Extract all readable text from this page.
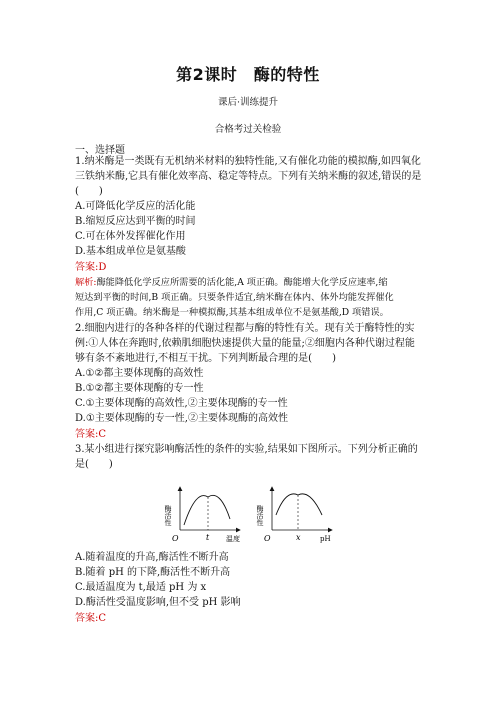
第2课时　酶的特性
课后·训练提升
合格考过关检验
一、选择题
1.纳米酶是一类既有无机纳米材料的独特性能,又有催化功能的模拟酶,如四氧化
三铁纳米酶,它具有催化效率高、稳定等特点。下列有关纳米酶的叙述,错误的是
(　　)
A.可降低化学反应的活化能
B.缩短反应达到平衡的时间
C.可在体外发挥催化作用
D.基本组成单位是氨基酸
答案:D
解析:酶能降低化学反应所需要的活化能,A 项正确。酶能增大化学反应速率,缩
短达到平衡的时间,B 项正确。只要条件适宜,纳米酶在体内、体外均能发挥催化
作用,C 项正确。纳米酶是一种模拟酶,其基本组成单位不是氨基酸,D 项错误。
2.细胞内进行的各种各样的代谢过程都与酶的特性有关。现有关于酶特性的实
例:①人体在奔跑时,依赖肌细胞快速提供大量的能量;②细胞内各种代谢过程能
够有条不紊地进行,不相互干扰。下列判断最合理的是(　　)
A.①②都主要体现酶的高效性
B.①②都主要体现酶的专一性
C.①主要体现酶的高效性,②主要体现酶的专一性
D.①主要体现酶的专一性,②主要体现酶的高效性
答案:C
3.某小组进行探究影响酶活性的条件的实验,结果如下图所示。下列分析正确的
是(　　)
酶活性
O	t 温度
酶活性
O	x	pH
A.随着温度的升高,酶活性不断升高
B.随着 pH 的下降,酶活性不断升高
C.最适温度为 t,最适 pH 为 x
D.酶活性受温度影响,但不受 pH 影响
答案:C
